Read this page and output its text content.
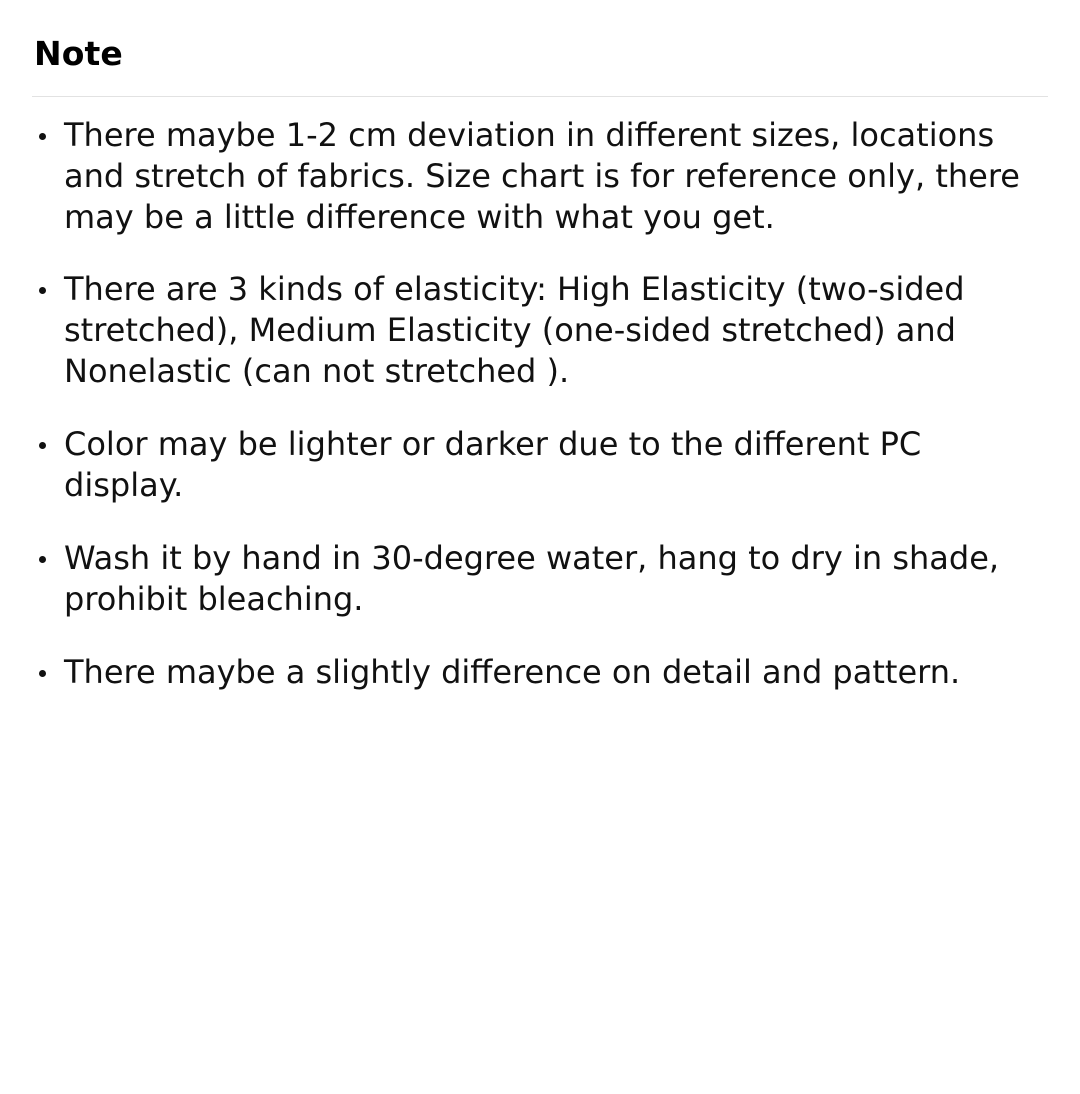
Note
There maybe 1-2 cm deviation in different sizes, locations and stretch of fabrics. Size chart is for reference only, there may be a little difference with what you get.
There are 3 kinds of elasticity: High Elasticity (two-sided stretched), Medium Elasticity (one-sided stretched) and Nonelastic (can not stretched ).
Color may be lighter or darker due to the different PC display.
Wash it by hand in 30-degree water, hang to dry in shade, prohibit bleaching.
There maybe a slightly difference on detail and pattern.
